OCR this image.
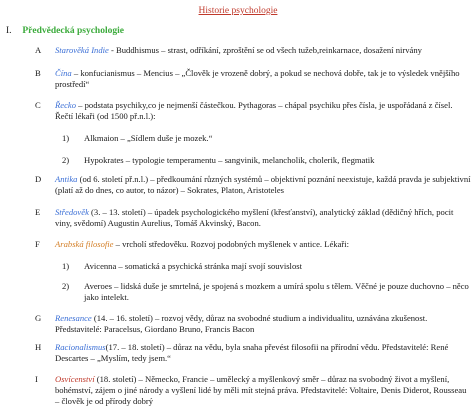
Historie psychologie
I. Předvědecká psychologie
A Starověká Indie - Buddhismus – strast, odříkání, zproštění se od všech tužeb,reinkarnace, dosažení nirvány
B Čína – konfucianismus – Mencius – „Člověk je vrozeně dobrý, a pokud se nechová dobře, tak je to výsledek vnějšího prostředí“
C Řecko – podstata psychiky,co je nejmenší částečkou. Pythagoras – chápal psychiku přes čísla, je uspořádaná z čísel. Řečtí lékaři (od 1500 př.n.l.):
1) Alkmaion – „Sídlem duše je mozek.“
2) Hypokrates – typologie temperamentu – sangvinik, melancholik, cholerik, flegmatik
D Antika (od 6. století př.n.l.) – předkoumání různých systémů – objektivní poznání neexistuje, každá pravda je subjektivní (platí až do dnes, co autor, to názor) – Sokrates, Platon, Aristoteles
E Středověk (3. – 13. století) – úpadek psychologického myšlení (křesťanství), analytický základ (dědičný hřích, pocit viny, svědomí) Augustin Aurelius, Tomáš Akvinský, Bacon.
F Arabská filosofie – vrcholí středověku. Rozvoj podobných myšlenek v antice. Lékaři:
1) Avicenna – somatická a psychická stránka mají svojí souvislost
2) Averoes – lidská duše je smrtelná, je spojená s mozkem a umírá spolu s tělem. Věčné je pouze duchovno – něco jako intelekt.
G Renesance (14. – 16. století) – rozvoj vědy, důraz na svobodné studium a individualitu, uznávána zkušenost. Představitelé: Paracelsus, Giordano Bruno, Francis Bacon
H Racionalismus(17. – 18. století) – důraz na vědu, byla snaha převést filosofii na přírodní vědu. Představitelé: René Descartes – „Myslím, tedy jsem.“
I Osvícenství (18. století) – Německo, Francie – umělecký a myšlenkový směr – důraz na svobodný život a myšlení, bohémství, zájem o jiné národy a vyšlení lidé by měli mít stejná práva. Představitelé: Voltaire, Denis Diderot, Rousseau – člověk je od přírody dobrý
